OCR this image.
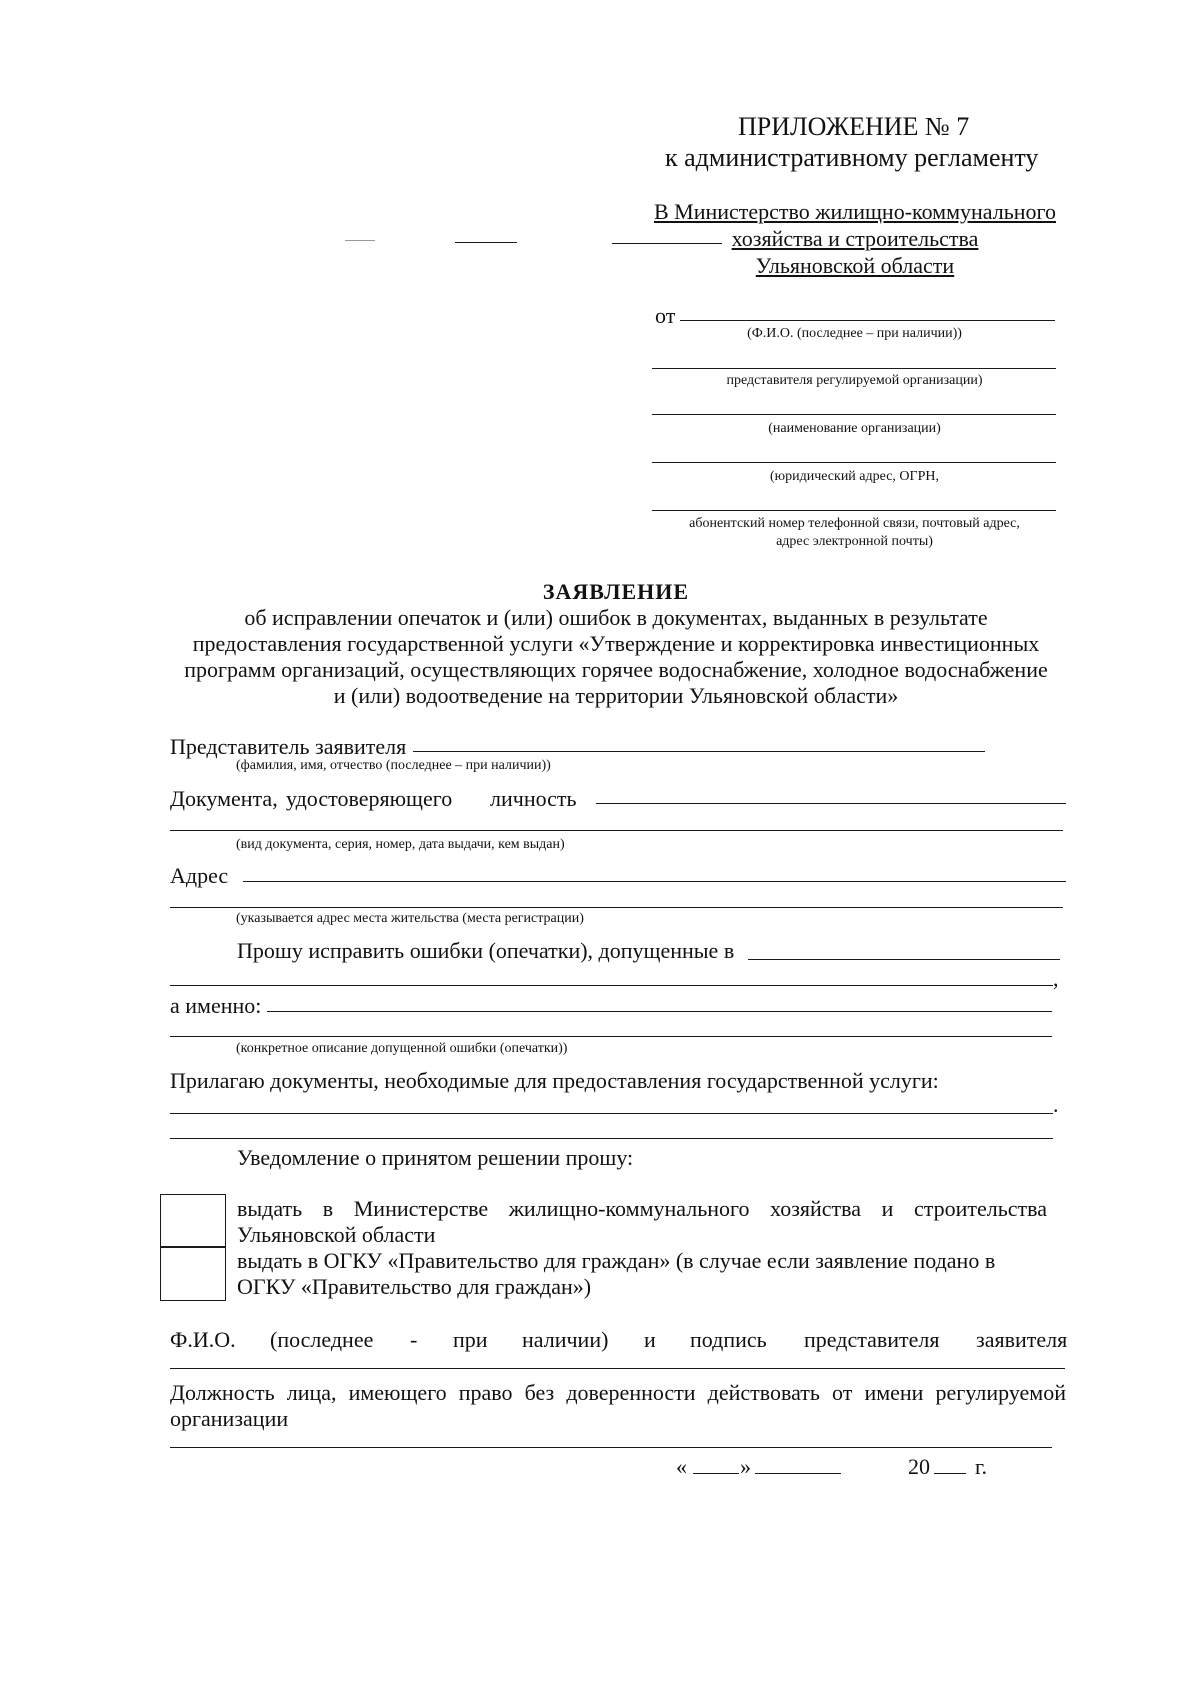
ПРИЛОЖЕНИЕ № 7
к административному регламенту
В Министерство жилищно-коммунального
хозяйства и строительства
Ульяновской области
от
(Ф.И.О. (последнее – при наличии))
представителя регулируемой организации)
(наименование организации)
(юридический адрес, ОГРН,
абонентский номер телефонной связи, почтовый адрес,
адрес электронной почты)
ЗАЯВЛЕНИЕ
об исправлении опечаток и (или) ошибок в документах, выданных в результате
предоставления государственной услуги «Утверждение и корректировка инвестиционных
программ организаций, осуществляющих горячее водоснабжение, холодное водоснабжение
и (или) водоотведение на территории Ульяновской области»
Представитель заявителя
(фамилия, имя, отчество (последнее – при наличии))
Документа, удостоверяющего личность
(вид документа, серия, номер, дата выдачи, кем выдан)
Адрес
(указывается адрес места жительства (места регистрации)
Прошу исправить ошибки (опечатки), допущенные в
,
а именно:
(конкретное описание допущенной ошибки (опечатки))
Прилагаю документы, необходимые для предоставления государственной услуги:
.
Уведомление о принятом решении прошу:
выдать в Министерстве жилищно-коммунального хозяйства и строительства
Ульяновской области
выдать в ОГКУ «Правительство для граждан» (в случае если заявление подано в
ОГКУ «Правительство для граждан»)
Ф.И.О. (последнее - при наличии) и подпись представителя заявителя
Должность лица, имеющего право без доверенности действовать от имени регулируемой
организации
« »	20 г.
